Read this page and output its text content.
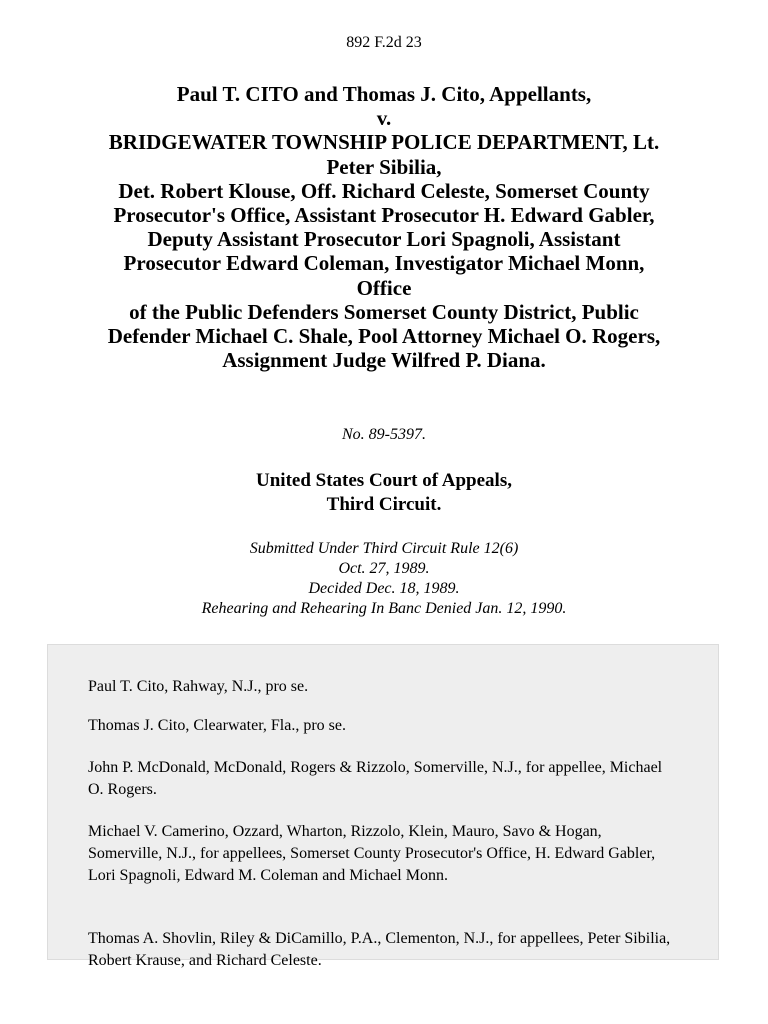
892 F.2d 23
Paul T. CITO and Thomas J. Cito, Appellants,
v.
BRIDGEWATER TOWNSHIP POLICE DEPARTMENT, Lt.
Peter Sibilia,
Det. Robert Klouse, Off. Richard Celeste, Somerset County
Prosecutor's Office, Assistant Prosecutor H. Edward Gabler,
Deputy Assistant Prosecutor Lori Spagnoli, Assistant
Prosecutor Edward Coleman, Investigator Michael Monn,
Office
of the Public Defenders Somerset County District, Public
Defender Michael C. Shale, Pool Attorney Michael O. Rogers,
Assignment Judge Wilfred P. Diana.
No. 89-5397.
United States Court of Appeals,
Third Circuit.
Submitted Under Third Circuit Rule 12(6)
Oct. 27, 1989.
Decided Dec. 18, 1989.
Rehearing and Rehearing In Banc Denied Jan. 12, 1990.

Paul T. Cito, Rahway, N.J., pro se.

Thomas J. Cito, Clearwater, Fla., pro se.

John P. McDonald, McDonald, Rogers & Rizzolo, Somerville, N.J., for appellee, Michael O. Rogers.

Michael V. Camerino, Ozzard, Wharton, Rizzolo, Klein, Mauro, Savo & Hogan, Somerville, N.J., for appellees, Somerset County Prosecutor's Office, H. Edward Gabler, Lori Spagnoli, Edward M. Coleman and Michael Monn.

Thomas A. Shovlin, Riley & DiCamillo, P.A., Clementon, N.J., for appellees, Peter Sibilia, Robert Krause, and Richard Celeste.
